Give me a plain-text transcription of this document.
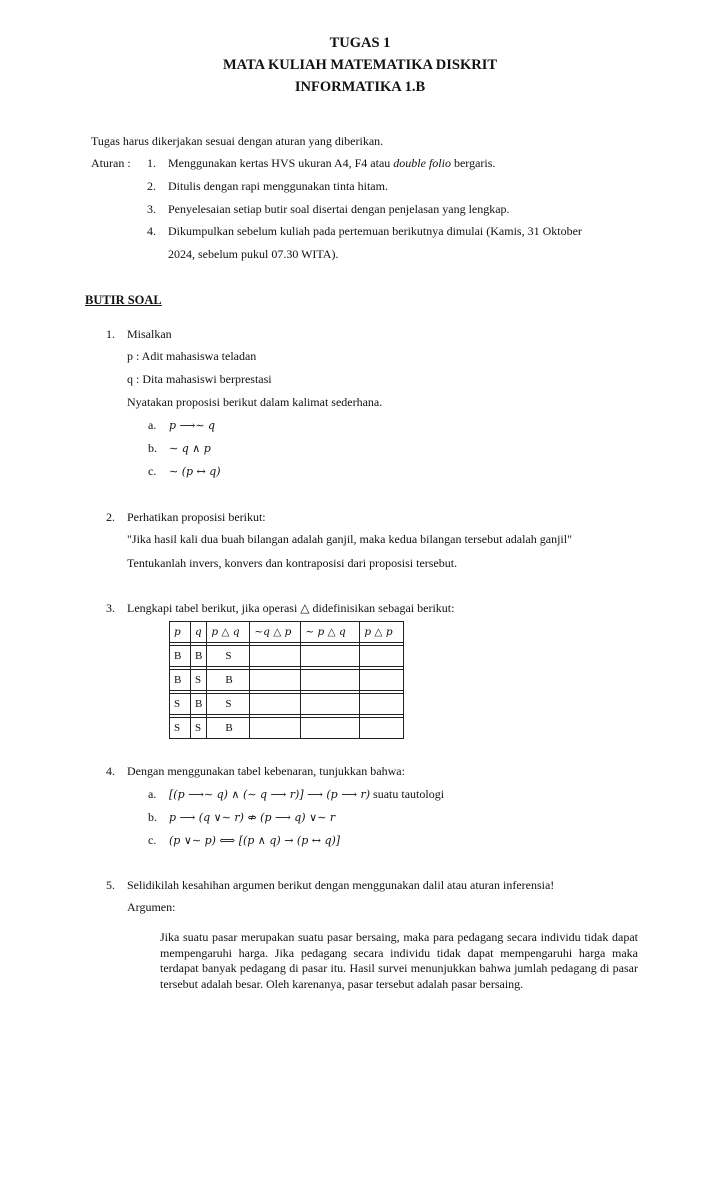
TUGAS 1
MATA KULIAH MATEMATIKA DISKRIT
INFORMATIKA 1.B
Tugas harus dikerjakan sesuai dengan aturan yang diberikan.
Aturan : 1. Menggunakan kertas HVS ukuran A4, F4 atau double folio bergaris.
2. Ditulis dengan rapi menggunakan tinta hitam.
3. Penyelesaian setiap butir soal disertai dengan penjelasan yang lengkap.
4. Dikumpulkan sebelum kuliah pada pertemuan berikutnya dimulai (Kamis, 31 Oktober
2024, sebelum pukul 07.30 WITA).
BUTIR SOAL
1. Misalkan
p : Adit mahasiswa teladan
q : Dita mahasiswi berprestasi
Nyatakan proposisi berikut dalam kalimat sederhana.
a. p ⟶∼ q
b. ∼ q ∧ p
c. ∼ (p ↔ q)
2. Perhatikan proposisi berikut:
"Jika hasil kali dua buah bilangan adalah ganjil, maka kedua bilangan tersebut adalah ganjil"
Tentukanlah invers, konvers dan kontraposisi dari proposisi tersebut.
3. Lengkapi tabel berikut, jika operasi △ didefinisikan sebagai berikut:
p	q	p △ q	~q △ p	~ p △ q	p △ p

B	B	S			

B	S	B			

S	B	S			

S	S	B			
4. Dengan menggunakan tabel kebenaran, tunjukkan bahwa:
a. [(p ⟶∼ q) ∧ (∼ q ⟶ r)] ⟶ (p ⟶ r) suatu tautologi
b. p ⟶ (q ∨∼ r) ⇎ (p ⟶ q) ∨∼ r
c. (p ∨∼ p) ⟺ [(p ∧ q) → (p ↔ q)]
5. Selidikilah kesahihan argumen berikut dengan menggunakan dalil atau aturan inferensia!
Argumen:
Jika suatu pasar merupakan suatu pasar bersaing, maka para pedagang secara individu tidak dapat mempengaruhi harga. Jika pedagang secara individu tidak dapat mempengaruhi harga maka terdapat banyak pedagang di pasar itu. Hasil survei menunjukkan bahwa jumlah pedagang di pasar tersebut adalah besar. Oleh karenanya, pasar tersebut adalah pasar bersaing.
